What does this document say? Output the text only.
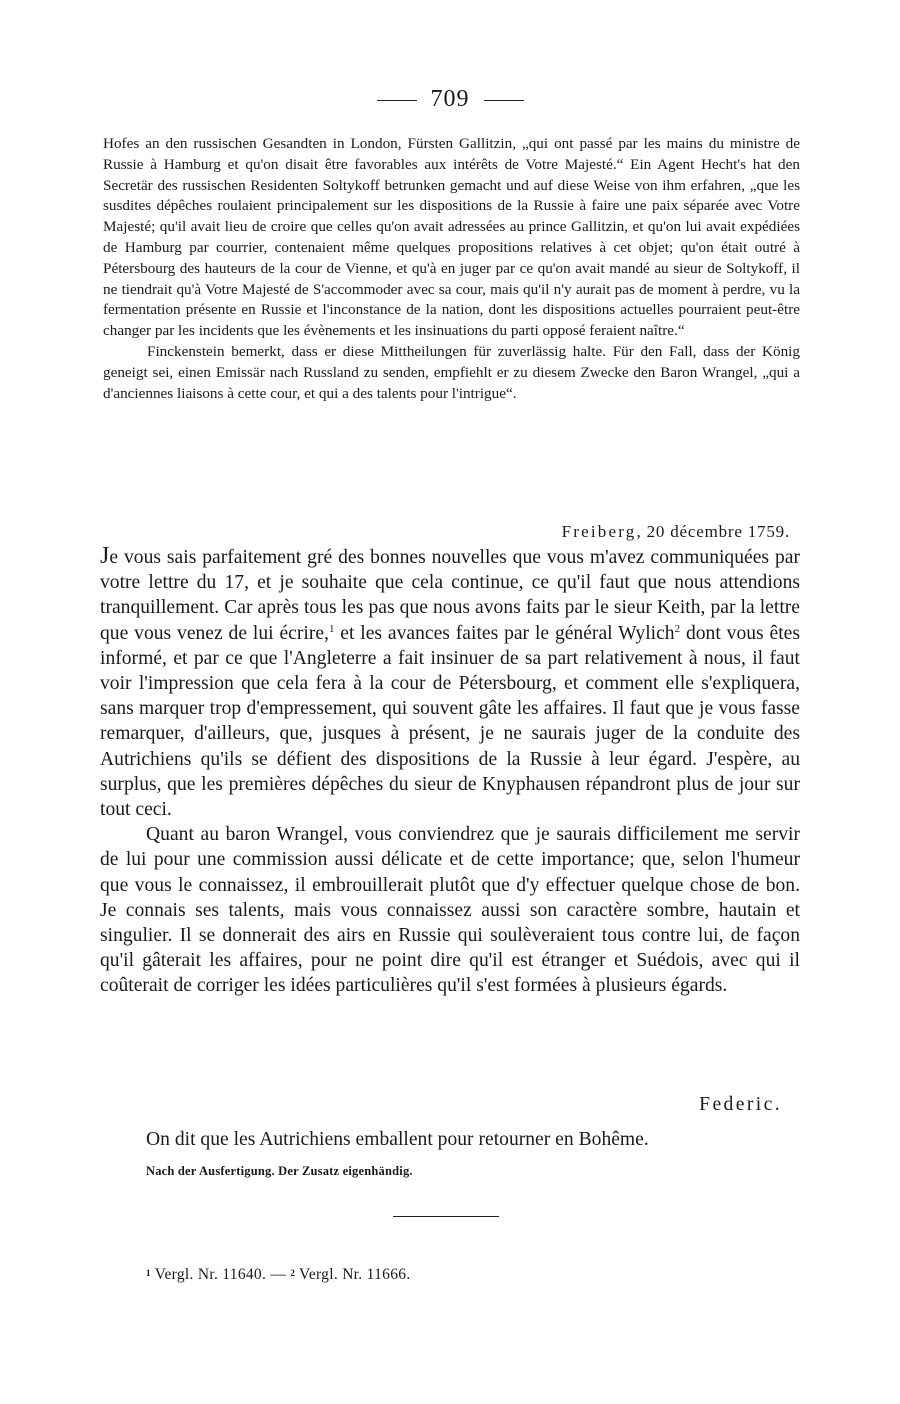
709

Hofes an den russischen Gesandten in London, Fürsten Gallitzin, „qui ont passé par les mains du ministre de Russie à Hamburg et qu'on disait être favorables aux intérêts de Votre Majesté.“ Ein Agent Hecht's hat den Secretär des russischen Residenten Soltykoff betrunken gemacht und auf diese Weise von ihm erfahren, „que les susdites dépêches roulaient principalement sur les dispositions de la Russie à faire une paix séparée avec Votre Majesté; qu'il avait lieu de croire que celles qu'on avait adressées au prince Gallitzin, et qu'on lui avait expédiées de Hamburg par courrier, contenaient même quelques propositions relatives à cet objet; qu'on était outré à Pétersbourg des hauteurs de la cour de Vienne, et qu'à en juger par ce qu'on avait mandé au sieur de Soltykoff, il ne tiendrait qu'à Votre Majesté de S'accommoder avec sa cour, mais qu'il n'y aurait pas de moment à perdre, vu la fermentation présente en Russie et l'inconstance de la nation, dont les dispositions actuelles pourraient peut-être changer par les incidents que les évènements et les insinuations du parti opposé feraient naître.“

Finckenstein bemerkt, dass er diese Mittheilungen für zuverlässig halte. Für den Fall, dass der König geneigt sei, einen Emissär nach Russland zu senden, empfiehlt er zu diesem Zwecke den Baron Wrangel, „qui a d'anciennes liaisons à cette cour, et qui a des talents pour l'intrigue“.

Freiberg, 20 décembre 1759.

Je vous sais parfaitement gré des bonnes nouvelles que vous m'avez communiquées par votre lettre du 17, et je souhaite que cela continue, ce qu'il faut que nous attendions tranquillement. Car après tous les pas que nous avons faits par le sieur Keith, par la lettre que vous venez de lui écrire,$^1$ et les avances faites par le général Wylich$^2$ dont vous êtes informé, et par ce que l'Angleterre a fait insinuer de sa part relativement à nous, il faut voir l'impression que cela fera à la cour de Pétersbourg, et comment elle s'expliquera, sans marquer trop d'empressement, qui souvent gâte les affaires. Il faut que je vous fasse remarquer, d'ailleurs, que, jusques à présent, je ne saurais juger de la conduite des Autrichiens qu'ils se défient des dispositions de la Russie à leur égard. J'espère, au surplus, que les premières dépêches du sieur de Knyphausen répandront plus de jour sur tout ceci.

Quant au baron Wrangel, vous conviendrez que je saurais difficilement me servir de lui pour une commission aussi délicate et de cette importance; que, selon l'humeur que vous le connaissez, il embrouillerait plutôt que d'y effectuer quelque chose de bon. Je connais ses talents, mais vous connaissez aussi son caractère sombre, hautain et singulier. Il se donnerait des airs en Russie qui soulèveraient tous contre lui, de façon qu'il gâterait les affaires, pour ne point dire qu'il est étranger et Suédois, avec qui il coûterait de corriger les idées particulières qu'il s'est formées à plusieurs égards.

Federic.
On dit que les Autrichiens emballent pour retourner en Bohême.
Nach der Ausfertigung. Der Zusatz eigenhändig.
1 Vergl. Nr. 11640. — 2 Vergl. Nr. 11666.
